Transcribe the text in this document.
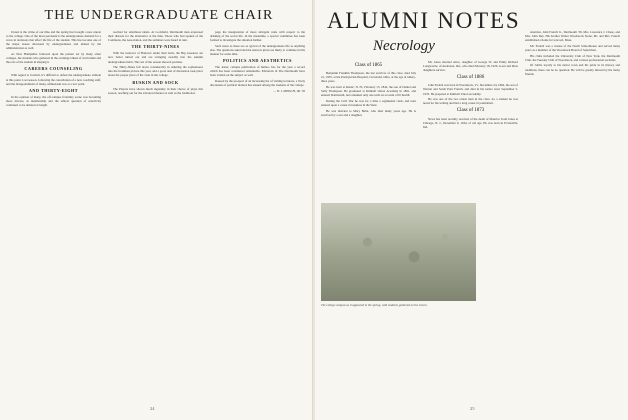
THE UNDERGRADUATE CHAIR

Unrest is the crime of our time and the spring has brought a new unrest to the college. One of the most persistent is the undergraduate demand for a voice in decisions that affect the life of the student. This has become one of the major issues discussed by undergraduates and indeed by the administration as well.

As New Hampshire followed upon the pattern set by many other colleges, the students who gathered in the evenings talked of curriculum and the role of the student in shaping it.

CAREERS COUNSELING

With regard to football, it's difficult to defeat the undergraduate attitude at this point. Last season, following the cancellation of a new coaching staff, and the disappointment of many, enthusiasm was at a low point.

AND THIRTY-EIGHT

In the opinion of many, the off-campus fraternity scene was becoming more diverse, as membership and the ethical question of selectivity continued to be debated at length.

reached for rebellious ideals. At Lockfield, Dartmouth men expressed their distaste for the alternative at the time. Those who had spoken of the Commons, the Association, and the seminars were heard in turn.

THE THIRTY-NINES

With the turnover of Hanover under their belts, the Big Greeners are now better turned out and are swinging steadily into the autumn undergraduate habit. The rest of the season showed promise.

The Thirty-Nines fell down considerably in ushering the sophomores into the freshman picture this year, and a good deal of discussion took place about the proper place of the class in the college.

BUSKIN AND SOCK

The Players have shown much ingenuity in their choice of plays this season, reaching out for the advanced theater as well as the traditional.

page the inauguration of more stringent rules with respect to the drinking of the social life. In the meantime, a special committee has been formed to investigate the situation further.

Such notes as these are as typical of the undergraduate life as anything else. The questions asked and the answers given are likely to continue in this manner for some time.

POLITICS AND AESTHETICS

The Jester, campus publication of humor, has for the year a record which has been considered remarkable. Editorials in The Dartmouth have been written on the subject as well.

Roused by the prospect of an increasing list of visiting lecturers, a lively discussion of political matters has ensued among the students of the college.

— W. J. MINSCH, JR. '36

24
ALUMNI NOTES
Necrology

Class of 1865

Benjamin Franklin Thompson, the last survivor of this class, died July 21, 1935, at the Presbyterian Hospital, Cleveland, Ohio, at the age of ninety-three years.

He was born at Rustic, N. H., February 15, 1842, the son of Daniel and Sally Thompson. He graduated at Kimball Union Academy in 1861, and entered Dartmouth, but remained only one term on account of ill health.

During the Civil War he was for a time a regimental clerk, and later entered upon a career in business in the West.

He was married to Mary Belle, who died many years ago. He is survived by a son and a daughter.

The college campus as it appeared in the spring, with students gathered on the Green.

Mr. Jones married Alice, daughter of George W. and Emily Richard Longwortle, of Anderson, Ind., who died February 18, 1929. A son and three daughters survive.

Class of 1886

John French was born in Woodstock, Vt., December 24, 1864, the son of Warren and Sarah Pratt French, and died in his native town September 5, 1935. He prepared at Kimball Union Academy.

He was one of the two oldest men in the class. As a student he was noted for his writing and had a long career in journalism.

Class of 1873

News has been recently received of the death of Maurice Todd Jones at Chicago, N. J., December 9, 1934, of old age. He was born in Evansville, Ind.

attention, John French Jr., Dartmouth '30, Mrs. Lawrence J. Chase, and Mrs. John Dey. His brother Walter Woodstock Stone, Mr. and Mrs. French established a home in Concord, Mass.

Mr. French was a trustee of the North Schoolhouse and served many years as a member of the Woodstock Board of Selectmen.

His clubs included the University Club of New York, the Dartmouth Club, the Tuesday Club of Woodstock, and various professional societies.

Of John's loyalty to his native town and his pride in its history and traditions, there can be no question. He will be greatly missed by his many friends.

25
